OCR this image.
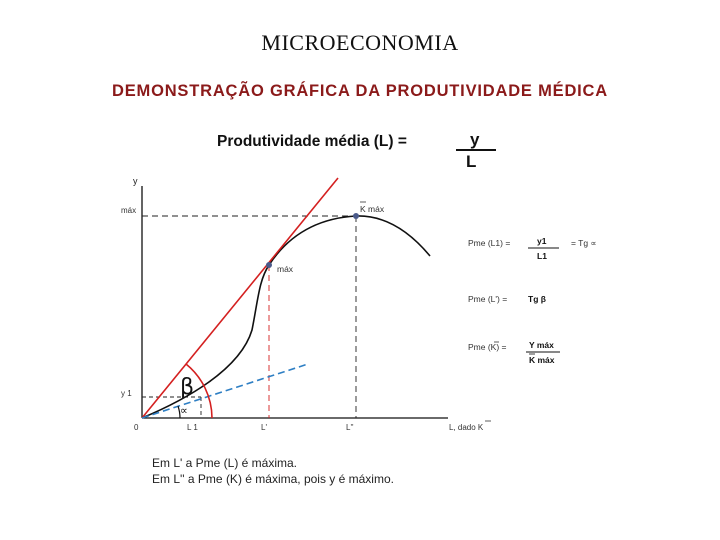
MICROECONOMIA
DEMONSTRAÇÃO GRÁFICA DA PRODUTIVIDADE MÉDICA
Produtividade média (L) =	y
L
y
máx
y 1
0	L 1	L'	L''	L, dado K
β
∝
K máx
máx
Pme (L1) =	y1
L1
= Tg ∝
Pme (L') = Tg β
Pme (K) =	Y máx
K máx
Em L' a Pme (L) é máxima.
Em L'' a Pme (K) é máxima, pois y é máximo.
